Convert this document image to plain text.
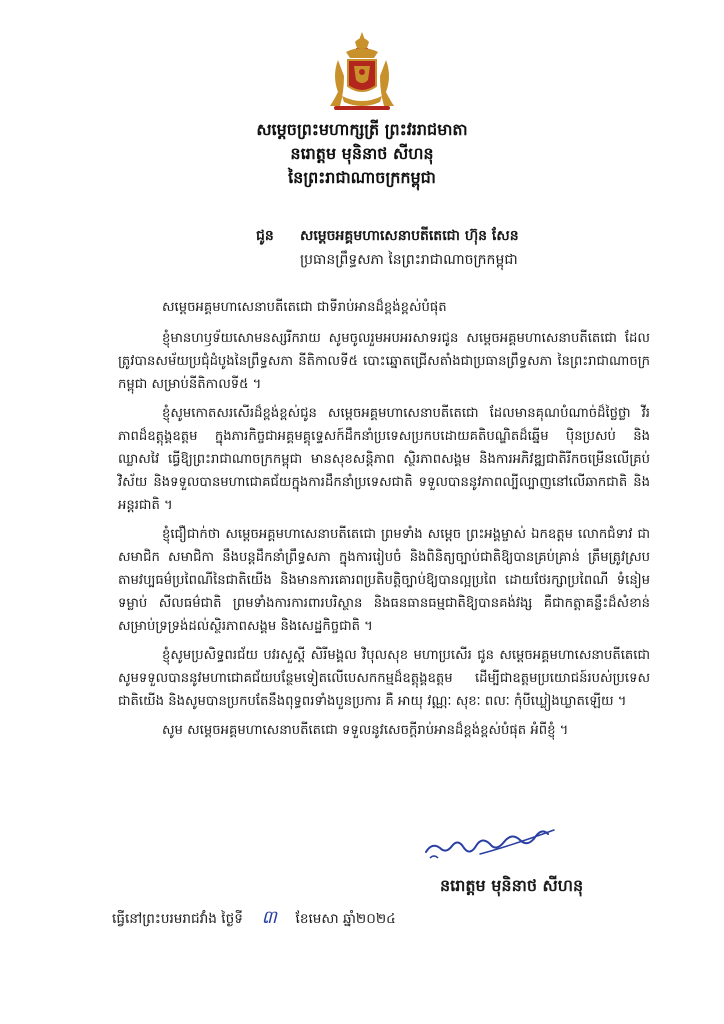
សម្តេចព្រះមហាក្សត្រី ព្រះវររាជមាតា
នរោត្តម មុនិនាថ សីហនុ
នៃព្រះរាជាណាចក្រកម្ពុជា
ជូន សម្តេចអគ្គមហាសេនាបតីតេជោ ហ៊ុន សែន
ប្រធានព្រឹទ្ធសភា នៃព្រះរាជាណាចក្រកម្ពុជា

សម្តេចអគ្គមហាសេនាបតីតេជោ ជាទីរាប់អានដ៏ខ្ពង់ខ្ពស់បំផុត

ខ្ញុំមានហឫទ័យសោមនស្សរីករាយ សូមចូលរួមអបអរសាទរជូន សម្តេចអគ្គមហាសេនាបតីតេជោ ដែលត្រូវបានសម័យប្រជុំដំបូងនៃព្រឹទ្ធសភា នីតិកាលទី៥ បោះឆ្នោតជ្រើសតាំងជាប្រធានព្រឹទ្ធសភា នៃព្រះរាជាណាចក្រកម្ពុជា សម្រាប់នីតិកាលទី៥ ។

ខ្ញុំសូមកោតសរសើរដ៏ខ្ពង់ខ្ពស់ជូន សម្តេចអគ្គមហាសេនាបតីតេជោ ដែលមានគុណបំណាច់ដ៏ថ្លៃថ្លា វីរភាពដ៏ឧត្តុង្គឧត្តម ក្នុងភារកិច្ចជាអគ្គមគ្គុទ្ទេសក៍ដឹកនាំប្រទេសប្រកបដោយគតិបណ្ឌិតដ៏ឆ្នើម ប៉ិនប្រសប់ និងឈ្លាសវៃ ធ្វើឱ្យព្រះរាជាណាចក្រកម្ពុជា មានសុខសន្តិភាព ស្ថិរភាពសង្គម និងការអភិវឌ្ឍជាតិរីកចម្រើនលើគ្រប់វិស័យ និងទទួលបានមហាជោគជ័យក្នុងការដឹកនាំប្រទេសជាតិ ទទួលបាននូវភាពល្បីល្បាញនៅលើឆាកជាតិ និងអន្តរជាតិ ។

ខ្ញុំជឿជាក់ថា សម្តេចអគ្គមហាសេនាបតីតេជោ ព្រមទាំង សម្តេច ព្រះអង្គម្ចាស់ ឯកឧត្តម លោកជំទាវ ជាសមាជិក សមាជិកា នឹងបន្តដឹកនាំព្រឹទ្ធសភា ក្នុងការរៀបចំ និងពិនិត្យច្បាប់ជាតិឱ្យបានគ្រប់គ្រាន់ ត្រឹមត្រូវស្របតាមវប្បធម៌ប្រពៃណីនៃជាតិយើង និងមានការគោរពប្រតិបត្តិច្បាប់ឱ្យបានល្អប្រពៃ ដោយថែរក្សាប្រពៃណី ទំនៀមទម្លាប់ សីលធម៌ជាតិ ព្រមទាំងការការពារបរិស្ថាន និងធនធានធម្មជាតិឱ្យបានគង់វង្ស គឺជាកត្តាគន្លឹះដ៏សំខាន់សម្រាប់ទ្រទ្រង់ដល់ស្ថិរភាពសង្គម និងសេដ្ឋកិច្ចជាតិ ។

ខ្ញុំសូមប្រសិទ្ធពរជ័យ បវរសួស្តី សិរីមង្គល វិបុលសុខ មហាប្រសើរ ជូន សម្តេចអគ្គមហាសេនាបតីតេជោ សូមទទួលបាននូវមហាជោគជ័យបន្ថែមទៀតលើបេសកកម្មដ៏ឧត្តុង្គឧត្តម ដើម្បីជាឧត្តមប្រយោជន៍របស់ប្រទេសជាតិយើង និងសូមបានប្រកបតែនឹងពុទ្ធពរទាំងបួនប្រការ គឺ អាយុ វណ្ណៈ សុខៈ ពលៈ កុំបីឃ្លៀងឃ្លាតឡើយ ។

សូម សម្តេចអគ្គមហាសេនាបតីតេជោ ទទួលនូវសេចក្តីរាប់អានដ៏ខ្ពង់ខ្ពស់បំផុត អំពីខ្ញុំ ។

នរោត្តម មុនិនាថ សីហនុ
ធ្វើនៅព្រះបរមរាជវាំង ថ្ងៃទី ៣ ខែមេសា ឆ្នាំ២០២៤
